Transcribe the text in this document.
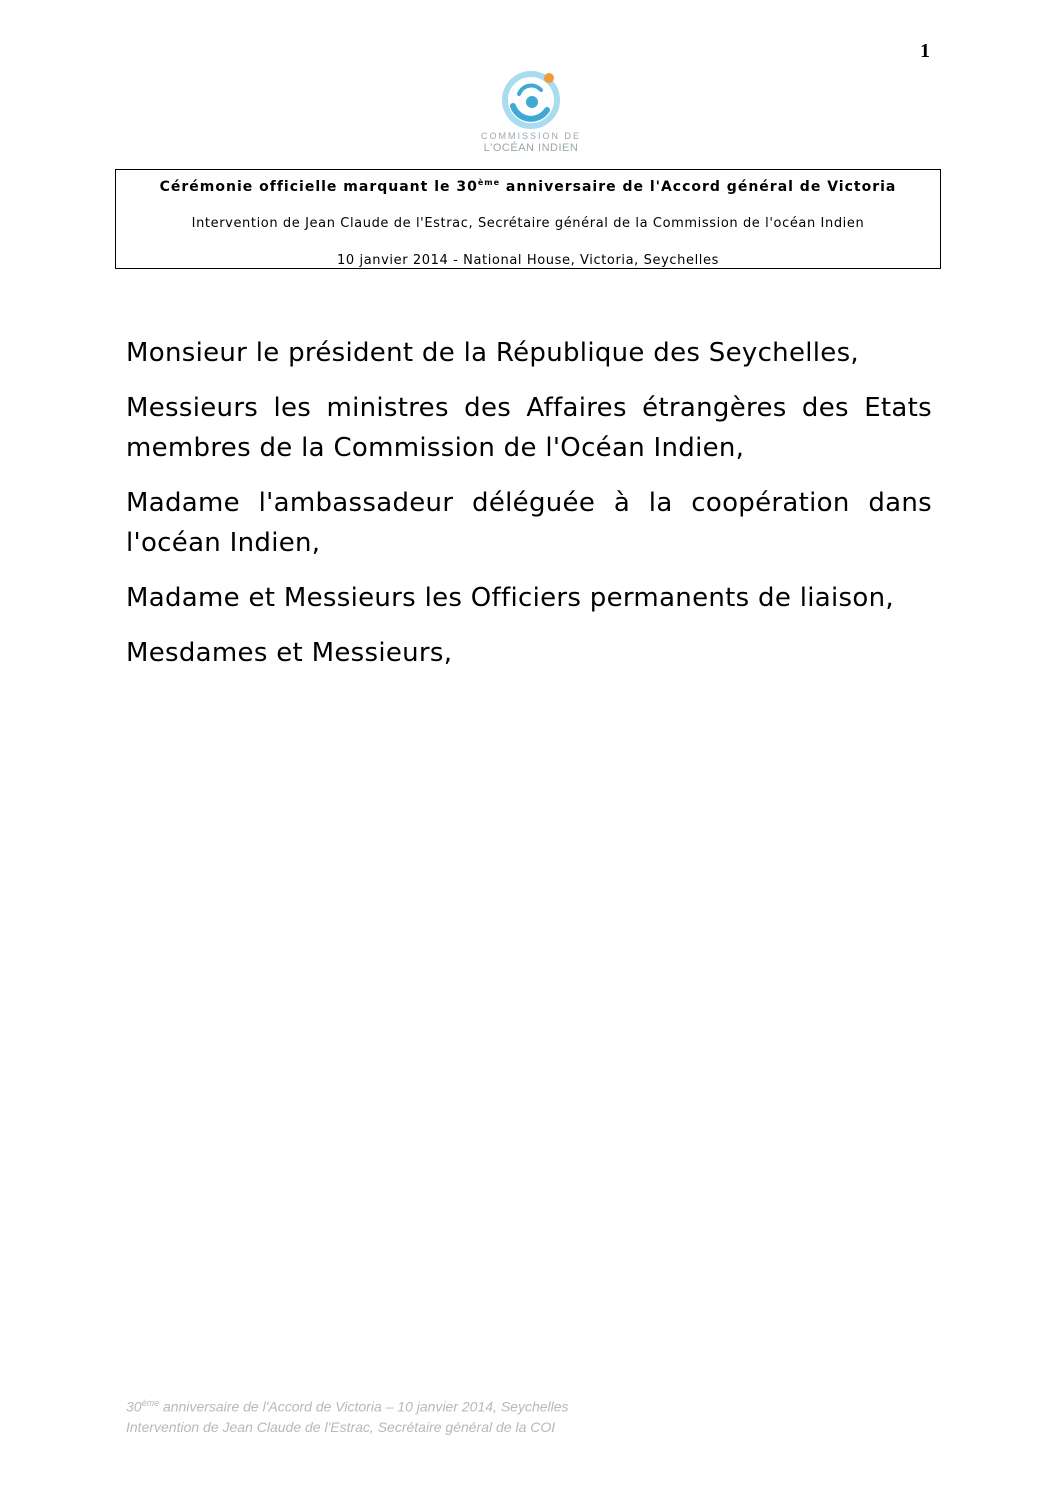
1
COMMISSION DE
L'OCÉAN INDIEN
Cérémonie officielle marquant le 30ème anniversaire de l'Accord général de Victoria
Intervention de Jean Claude de l'Estrac, Secrétaire général de la Commission de l'océan Indien
10 janvier 2014 - National House, Victoria, Seychelles

Monsieur le président de la République des Seychelles,

Messieurs les ministres des Affaires étrangères des Etats membres de la Commission de l'Océan Indien,

Madame l'ambassadeur déléguée à la coopération dans l'océan Indien,

Madame et Messieurs les Officiers permanents de liaison,

Mesdames et Messieurs,

30ème anniversaire de l'Accord de Victoria – 10 janvier 2014, Seychelles
Intervention de Jean Claude de l'Estrac, Secrétaire général de la COI
